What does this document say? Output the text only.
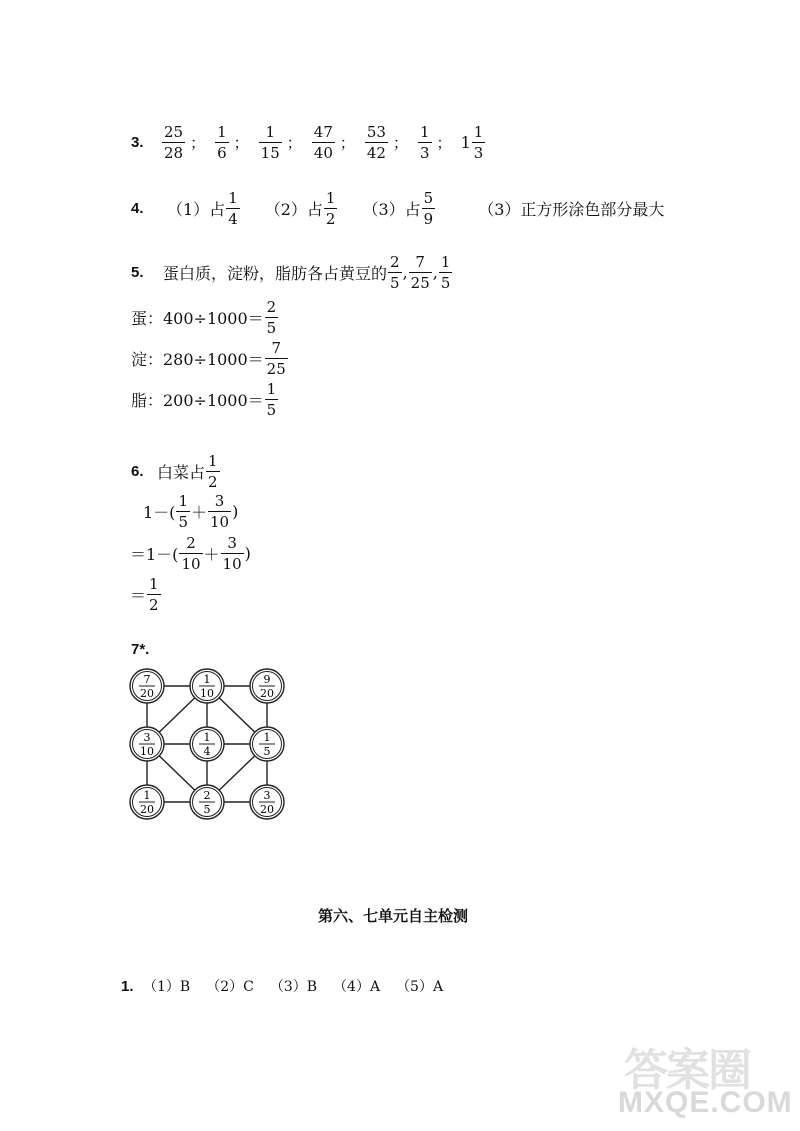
3.	$\frac{25}{28}$ ； $\frac{1}{6}$ ； $\frac{1}{15}$ ； $\frac{47}{40}$ ； $\frac{53}{42}$ ； $\frac{1}{3}$ ； $1 \frac{1}{3}$
4.	（1）占 $\frac{1}{4} (2)$占 $\frac{1}{2} (3)$占 $\frac{5}{9}$	（3）正方形涂色部分最大
5.	蛋白质，淀粉，脂肪各占黄豆的 $\frac{2}{5}$ , $\frac{7}{25}$ , $\frac{1}{5}$
蛋：$400\div 1000= \frac{2}{5}$
淀：$280\div 1000= \frac{7}{25}$
脂：$200\div 1000= \frac{1}{5}$
6. 白菜占 $\frac{1}{2}$
$1-( \frac{1}{5} + \frac{3}{10}$ )
$=1-( \frac{2}{10} + \frac{3}{10}$ )
＝ $\frac{1}{2}$
7*.
7
20
1
10
9
20
3
10
1
4
1
5
1
20
2
5
3
20
第六、七单元自主检测
1. （1）B （2）C （3）B （4）A （5）A
答案圈
MXQE.COM
